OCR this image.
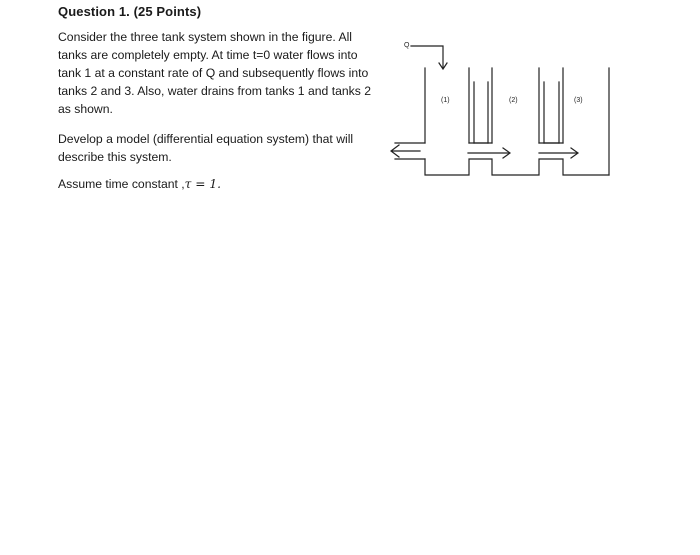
Question 1. (25 Points)
Consider the three tank system shown in the figure. All tanks are completely empty. At time t=0 water flows into tank 1 at a constant rate of Q and subsequently flows into tanks 2 and 3. Also, water drains from tanks 1 and tanks 2 as shown.
Develop a model (differential equation system) that will describe this system.
Assume time constant ,τ = 1.
Q
(1)	(2)	(3)
